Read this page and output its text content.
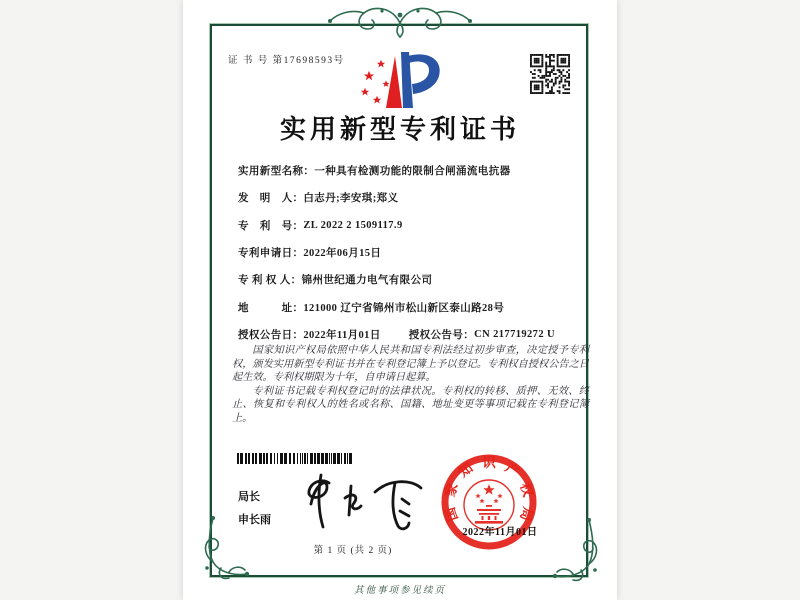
证 书 号 第17698593号
实用新型专利证书
实用新型名称： 一种具有检测功能的限制合闸涌流电抗器
发　明　人： 白志丹;李安琪;郑义
专　利　号： ZL 2022 2 1509117.9
专利申请日： 2022年06月15日
专 利 权 人： 锦州世纪通力电气有限公司
地　　　址： 121000 辽宁省锦州市松山新区泰山路28号
授权公告日： 2022年11月01日	授权公告号： CN 217719272 U

国家知识产权局依照中华人民共和国专利法经过初步审查，决定授予专利权，颁发实用新型专利证书并在专利登记簿上予以登记。专利权自授权公告之日起生效。专利权期限为十年，自申请日起算。

专利证书记载专利权登记时的法律状况。专利权的转移、质押、无效、终止、恢复和专利权人的姓名或名称、国籍、地址变更等事项记载在专利登记簿上。

局长
申长雨	国
家
知 识 产
权
局
2022年11月01日
第 1 页 (共 2 页)
其他事项参见续页
